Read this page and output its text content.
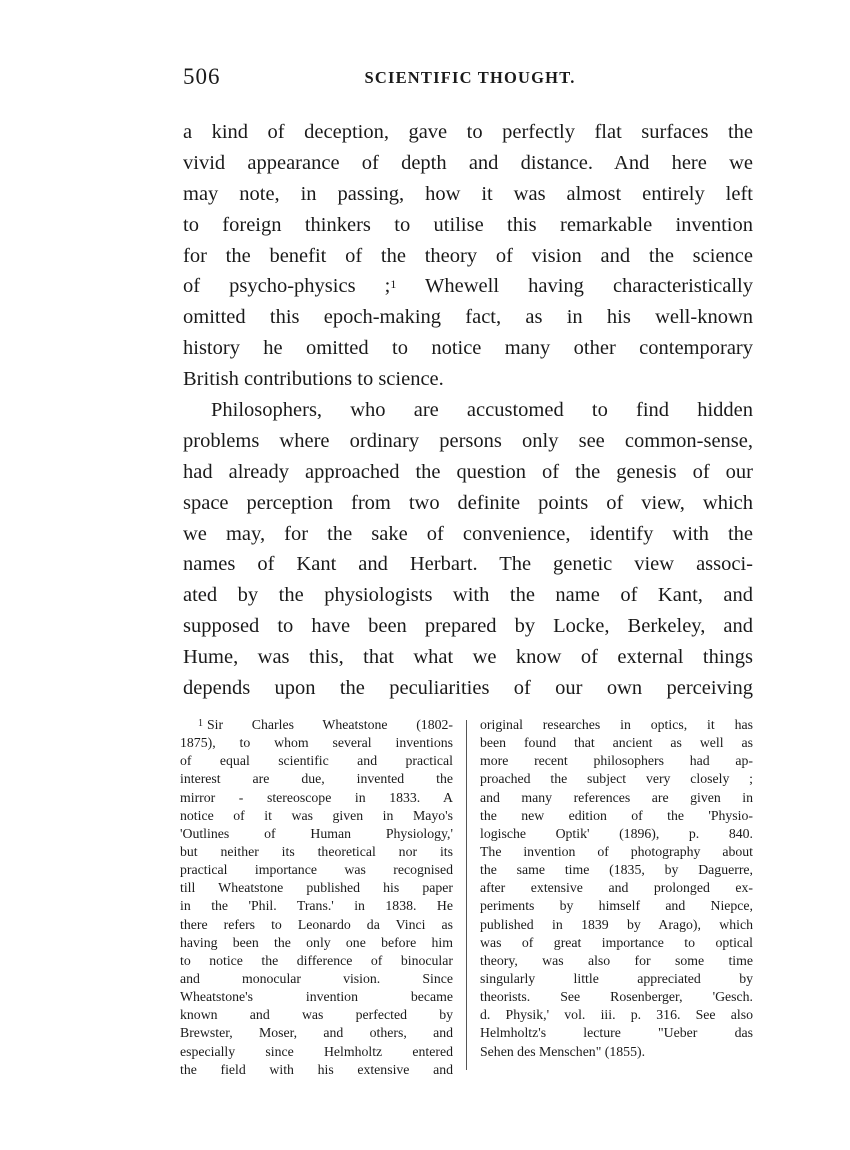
506	SCIENTIFIC THOUGHT.
a kind of deception, gave to perfectly flat surfaces the
vivid appearance of depth and distance. And here we
may note, in passing, how it was almost entirely left
to foreign thinkers to utilise this remarkable invention
for the benefit of the theory of vision and the science
of psycho-physics ;$^1$ Whewell having characteristically
omitted this epoch-making fact, as in his well-known
history he omitted to notice many other contemporary
British contributions to science.
Philosophers, who are accustomed to find hidden
problems where ordinary persons only see common-sense,
had already approached the question of the genesis of our
space perception from two definite points of view, which
we may, for the sake of convenience, identify with the
names of Kant and Herbart. The genetic view associ-
ated by the physiologists with the name of Kant, and
supposed to have been prepared by Locke, Berkeley, and
Hume, was this, that what we know of external things
depends upon the peculiarities of our own perceiving
$^1$ Sir Charles Wheatstone (1802-
1875), to whom several inventions
of equal scientific and practical
interest are due, invented the
mirror - stereoscope in 1833. A
notice of it was given in Mayo's
'Outlines of Human Physiology,'
but neither its theoretical nor its
practical importance was recognised
till Wheatstone published his paper
in the 'Phil. Trans.' in 1838. He
there refers to Leonardo da Vinci as
having been the only one before him
to notice the difference of binocular
and monocular vision. Since
Wheatstone's invention became
known and was perfected by
Brewster, Moser, and others, and
especially since Helmholtz entered
the field with his extensive and
original researches in optics, it has
been found that ancient as well as
more recent philosophers had ap-
proached the subject very closely ;
and many references are given in
the new edition of the 'Physio-
logische Optik' (1896), p. 840.
The invention of photography about
the same time (1835, by Daguerre,
after extensive and prolonged ex-
periments by himself and Niepce,
published in 1839 by Arago), which
was of great importance to optical
theory, was also for some time
singularly little appreciated by
theorists. See Rosenberger, 'Gesch.
d. Physik,' vol. iii. p. 316. See also
Helmholtz's lecture "Ueber das
Sehen des Menschen" (1855).
